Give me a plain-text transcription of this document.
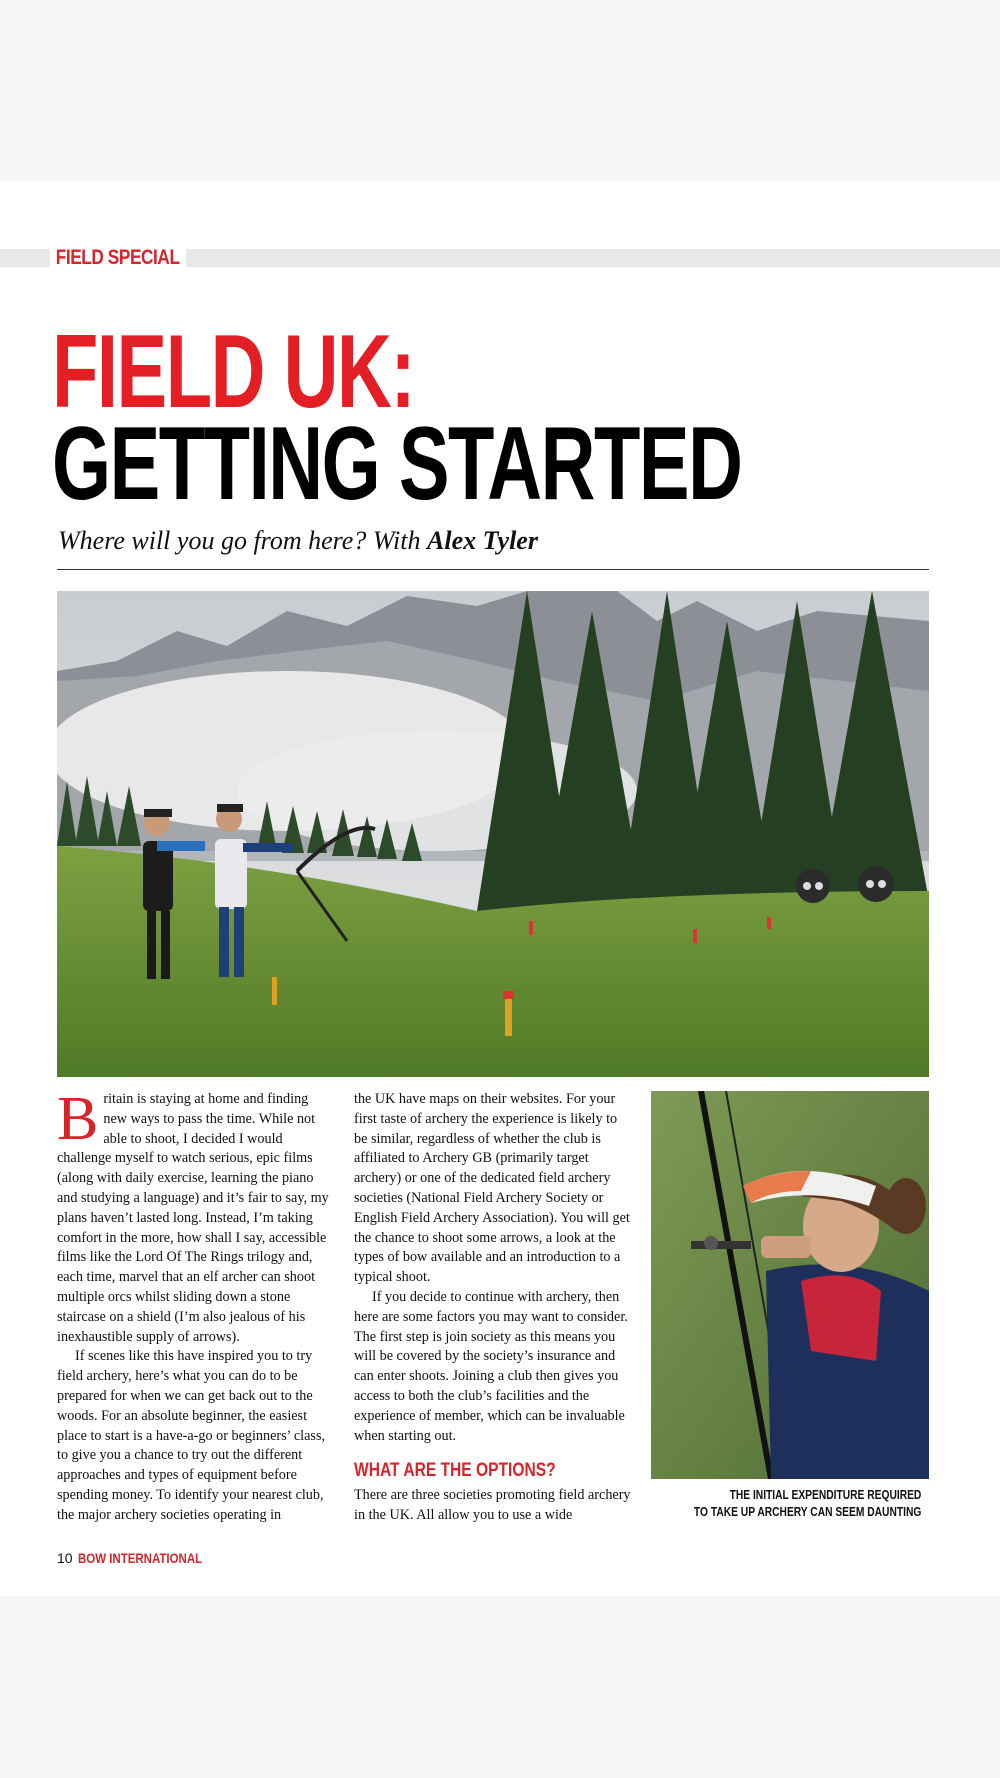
FIELD SPECIAL
FIELD UK:
GETTING STARTED
Where will you go from here? With Alex Tyler

Britain is staying at home and finding new ways to pass the time. While not able to shoot, I decided I would challenge myself to watch serious, epic films (along with daily exercise, learning the piano and studying a language) and it’s fair to say, my plans haven’t lasted long. Instead, I’m taking comfort in the more, how shall I say, accessible films like the Lord Of The Rings trilogy and, each time, marvel that an elf archer can shoot multiple orcs whilst sliding down a stone staircase on a shield (I’m also jealous of his inexhaustible supply of arrows).

If scenes like this have inspired you to try field archery, here’s what you can do to be prepared for when we can get back out to the woods. For an absolute beginner, the easiest place to start is a have-a-go or beginners’ class, to give you a chance to try out the different approaches and types of equipment before spending money. To identify your nearest club, the major archery societies operating in

the UK have maps on their websites. For your first taste of archery the experience is likely to be similar, regardless of whether the club is affiliated to Archery GB (primarily target archery) or one of the dedicated field archery societies (National Field Archery Society or English Field Archery Association). You will get the chance to shoot some arrows, a look at the types of bow available and an introduction to a typical shoot.

If you decide to continue with archery, then here are some factors you may want to consider. The first step is join society as this means you will be covered by the society’s insurance and can enter shoots. Joining a club then gives you access to both the club’s facilities and the experience of member, which can be invaluable when starting out.

WHAT ARE THE OPTIONS?

There are three societies promoting field archery in the UK. All allow you to use a wide

THE INITIAL EXPENDITURE REQUIRED
TO TAKE UP ARCHERY CAN SEEM DAUNTING
10 BOW INTERNATIONAL
